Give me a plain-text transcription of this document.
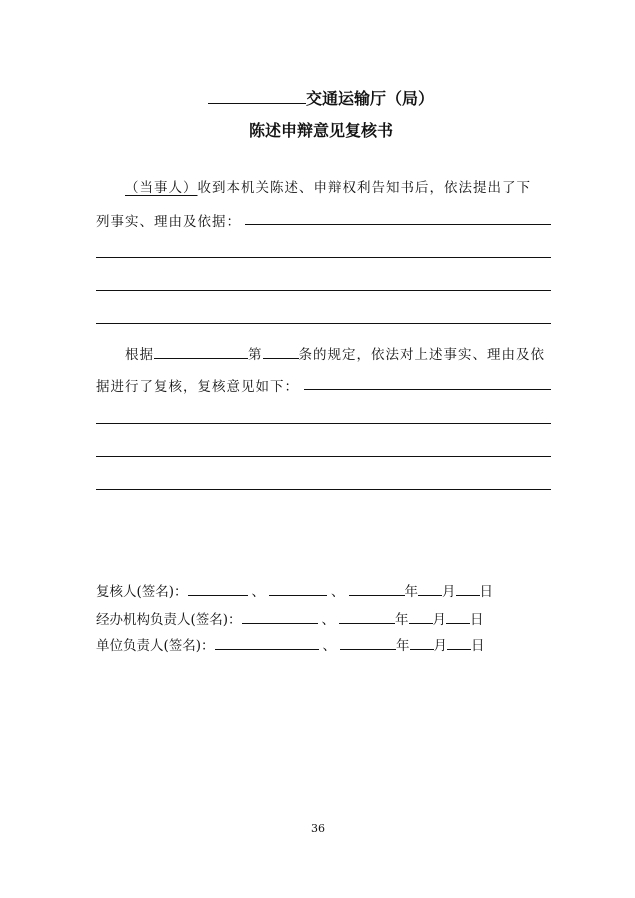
交通运输厅（局）
陈述申辩意见复核书
（当事人）收到本机关陈述、申辩权利告知书后，依法提出了下
列事实、理由及依据：
根据	第	条的规定，依法对上述事实、理由及依
据进行了复核，复核意见如下：
复核人(签名)：	、	、	年 月 日
经办机构负责人(签名)：	、	年 月 日
单位负责人(签名)：	、	年 月 日
36
